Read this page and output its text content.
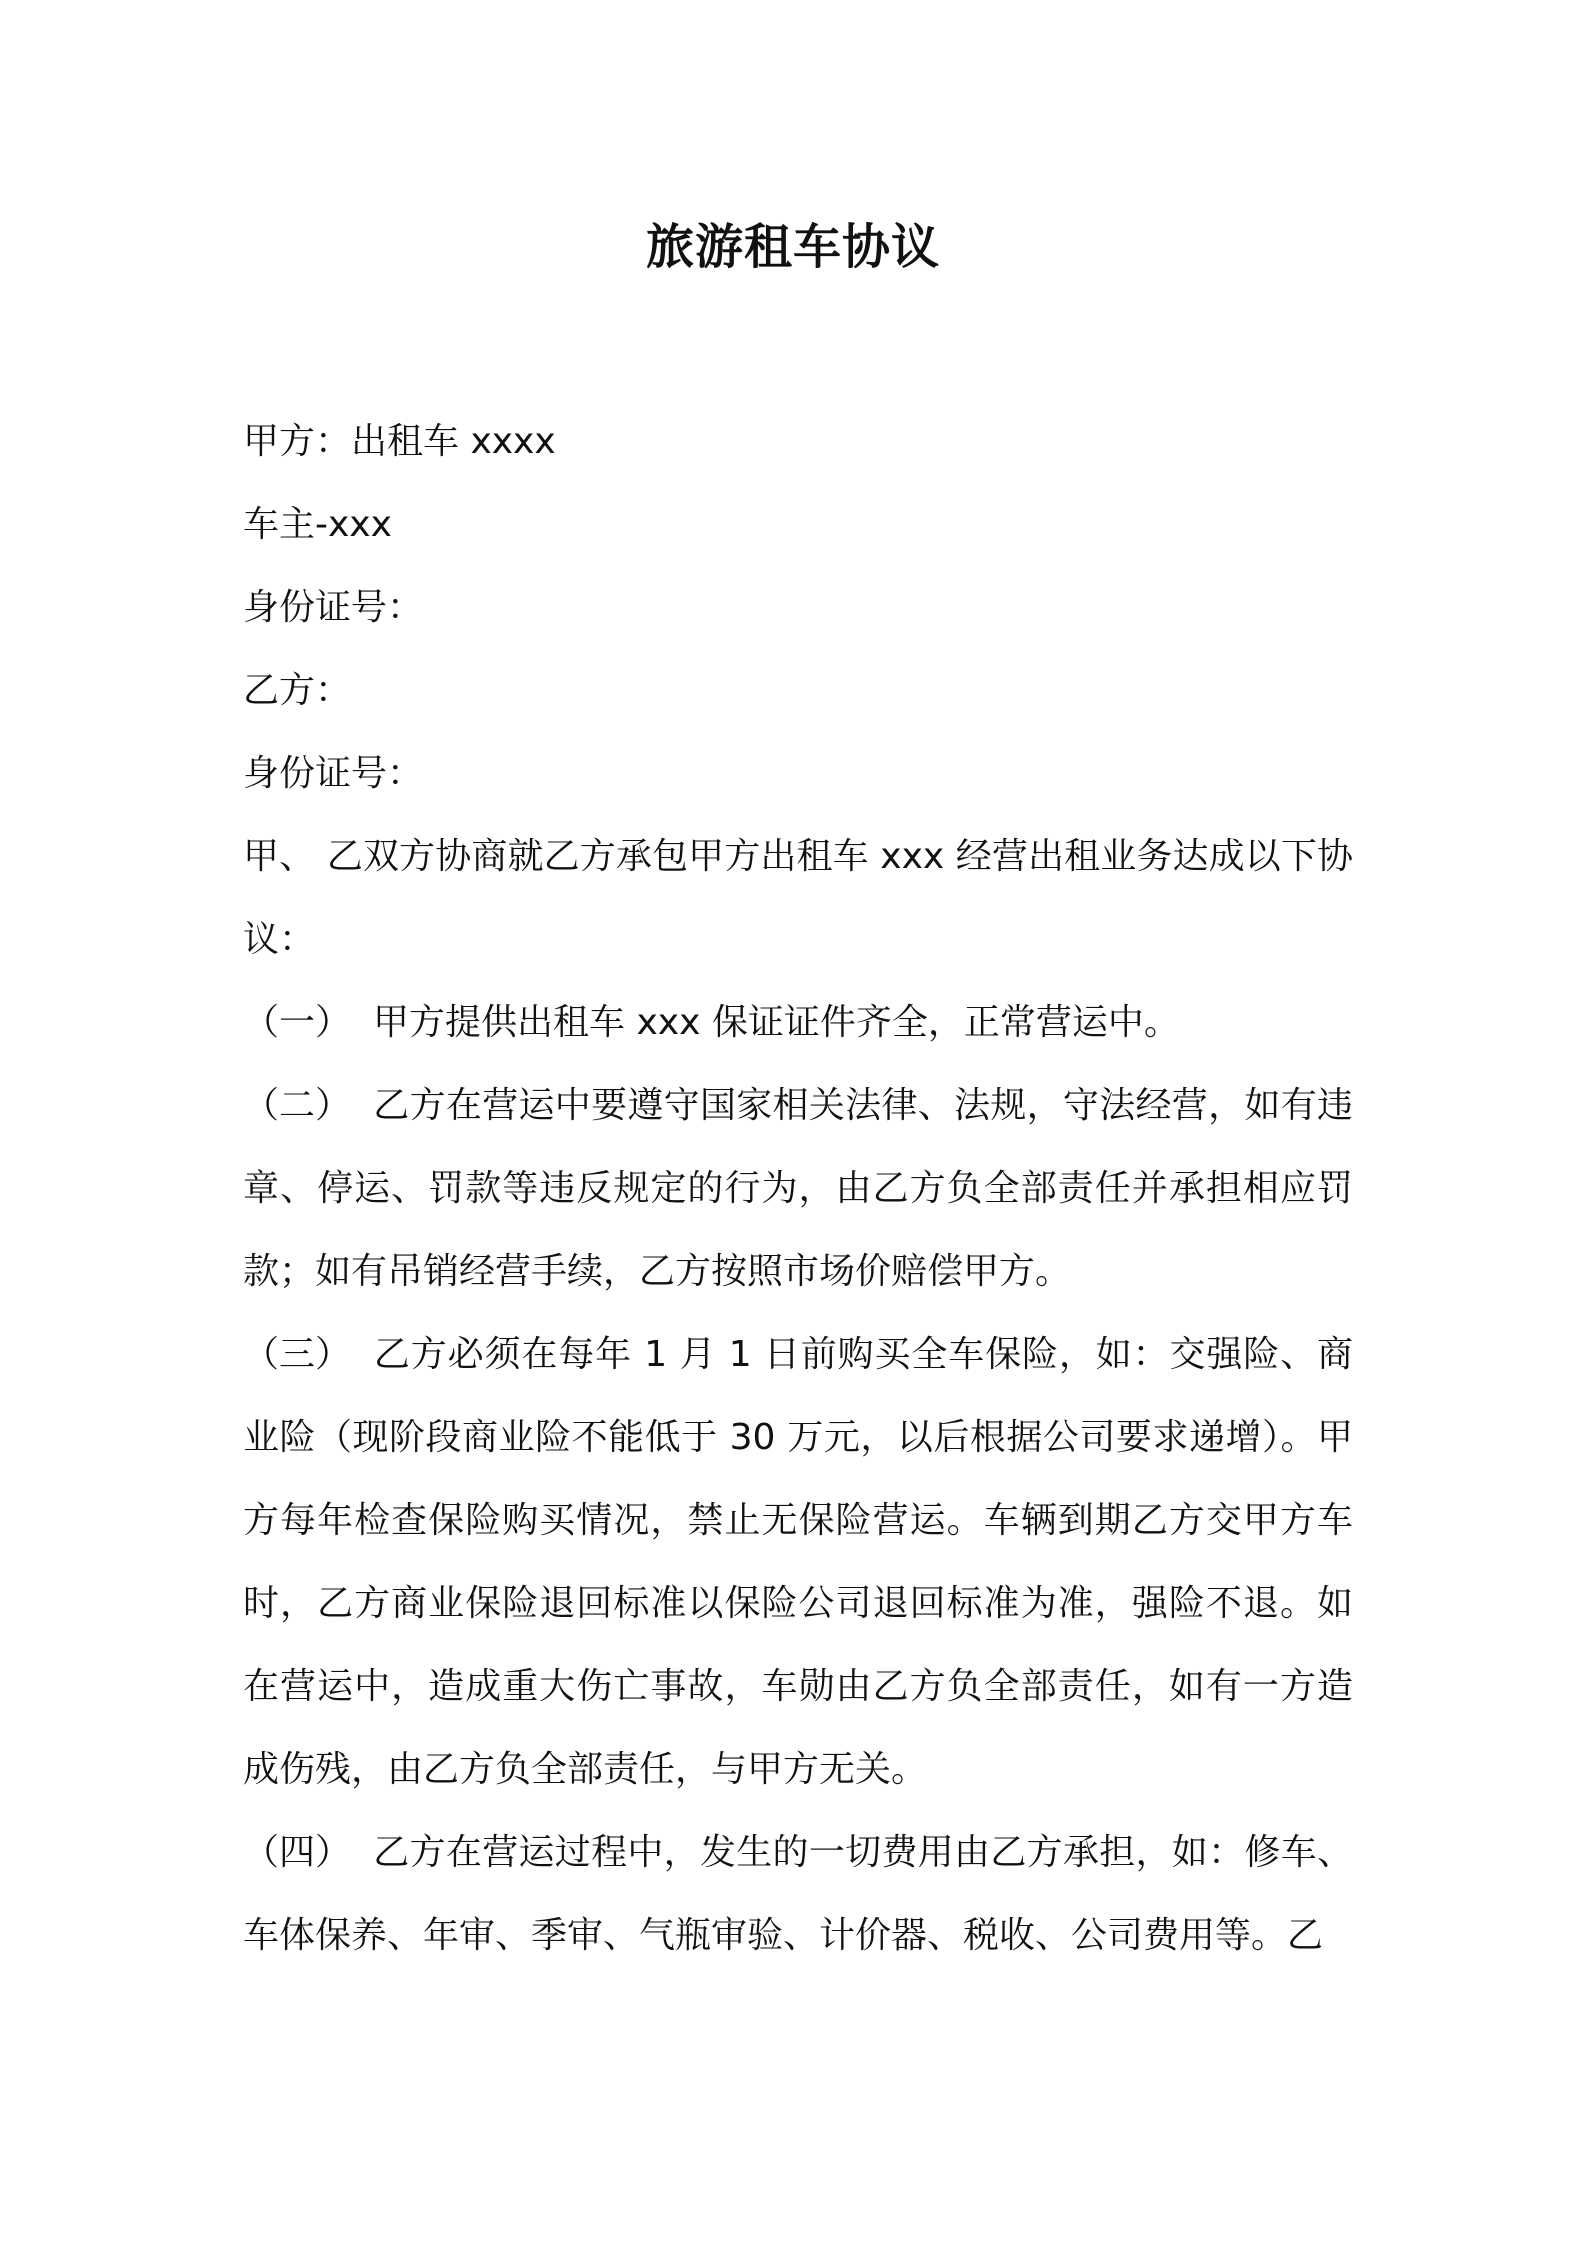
旅游租车协议

甲方：出租车 xxxx

车主-xxx

身份证号：

乙方：

身份证号：

甲、 乙双方协商就乙方承包甲方出租车 xxx 经营出租业务达成以下协议：

（一） 甲方提供出租车 xxx 保证证件齐全，正常营运中。

（二） 乙方在营运中要遵守国家相关法律、法规，守法经营，如有违章、停运、罚款等违反规定的行为，由乙方负全部责任并承担相应罚款；如有吊销经营手续，乙方按照市场价赔偿甲方。

（三） 乙方必须在每年 1 月 1 日前购买全车保险，如：交强险、商业险（现阶段商业险不能低于 30 万元，以后根据公司要求递增）。甲方每年检查保险购买情况，禁止无保险营运。车辆到期乙方交甲方车时，乙方商业保险退回标准以保险公司退回标准为准，强险不退。如在营运中，造成重大伤亡事故，车勋由乙方负全部责任，如有一方造成伤残，由乙方负全部责任，与甲方无关。

（四） 乙方在营运过程中，发生的一切费用由乙方承担，如：修车、车体保养、年审、季审、气瓶审验、计价器、税收、公司费用等。乙
